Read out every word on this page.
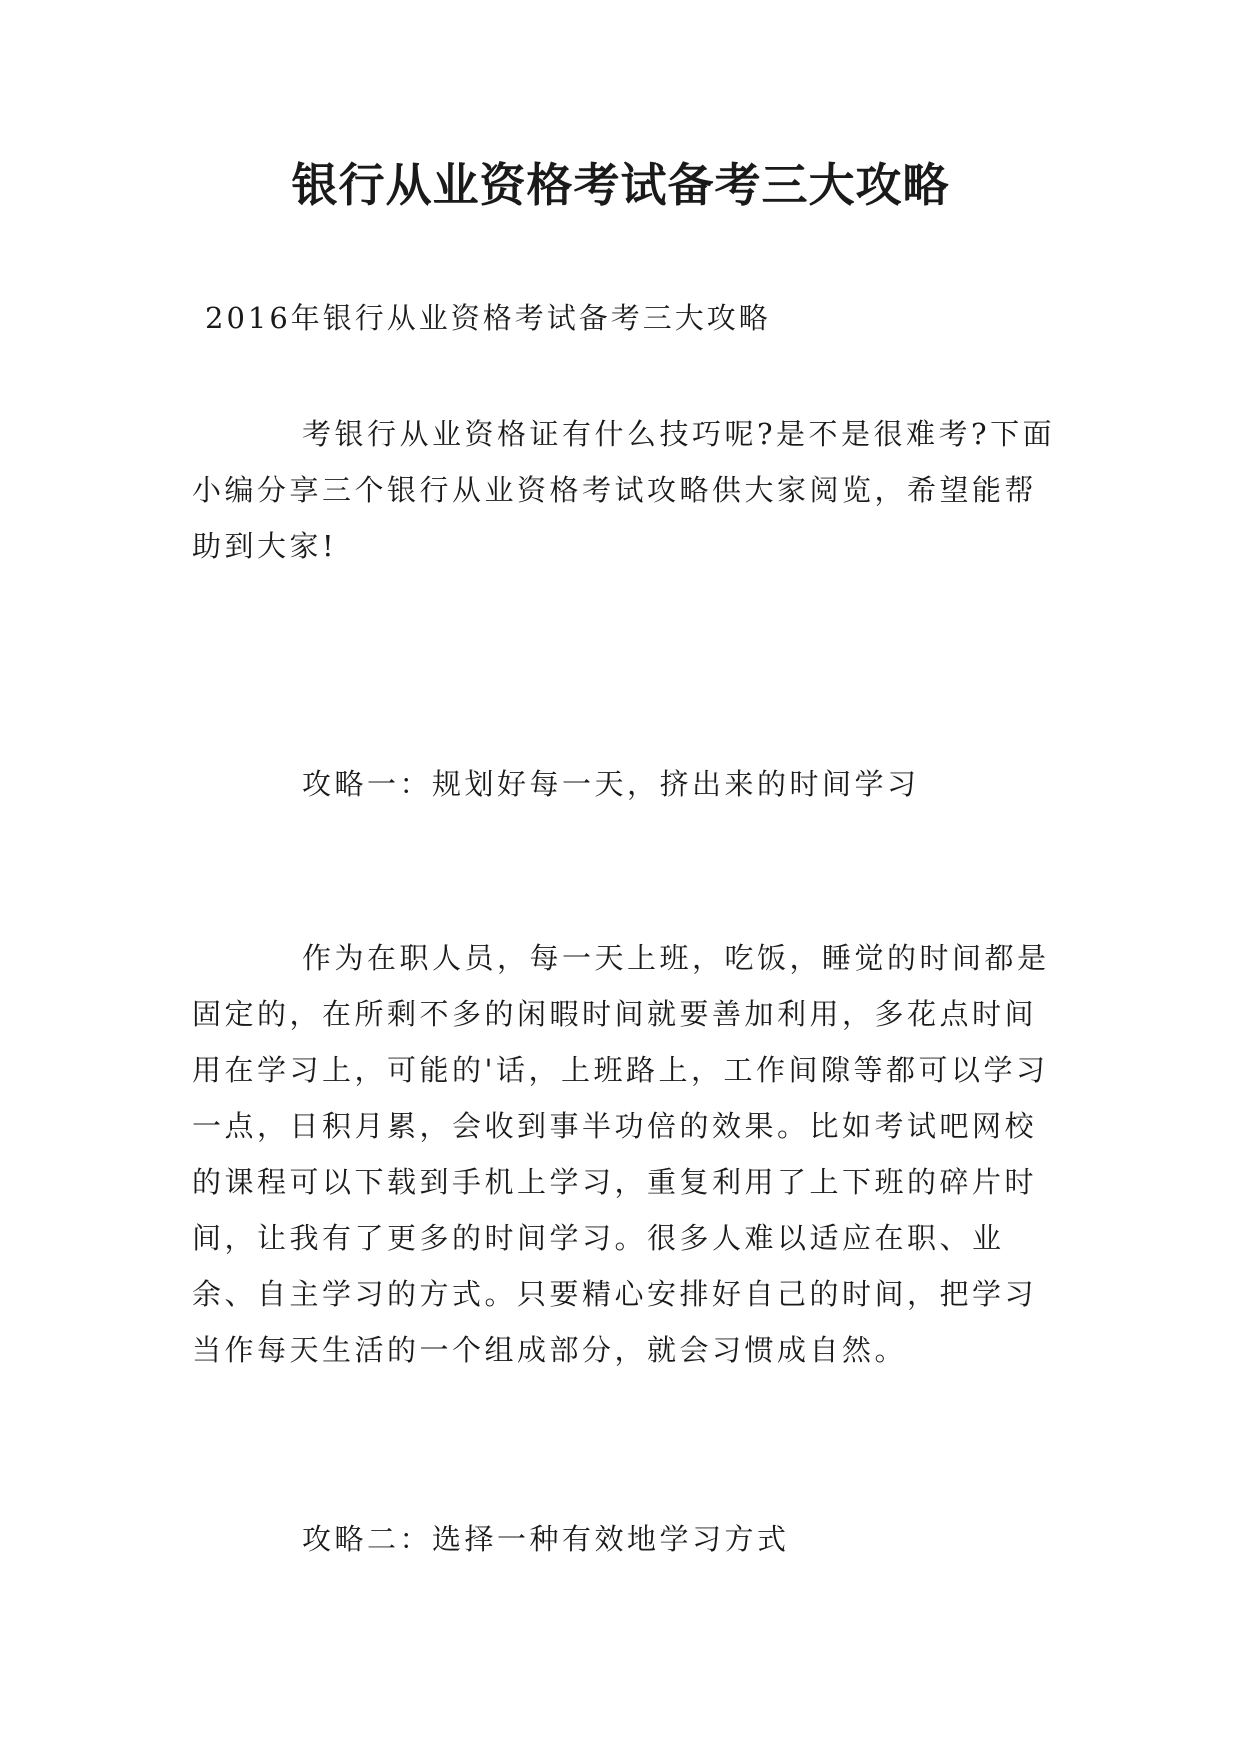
银行从业资格考试备考三大攻略

2016年银行从业资格考试备考三大攻略

考银行从业资格证有什么技巧呢?是不是很难考?下面小编分享三个银行从业资格考试攻略供大家阅览，希望能帮助到大家!

攻略一：规划好每一天，挤出来的时间学习

作为在职人员，每一天上班，吃饭，睡觉的时间都是固定的，在所剩不多的闲暇时间就要善加利用，多花点时间用在学习上，可能的'话，上班路上，工作间隙等都可以学习一点，日积月累，会收到事半功倍的效果。比如考试吧网校的课程可以下载到手机上学习，重复利用了上下班的碎片时间，让我有了更多的时间学习。很多人难以适应在职、业余、自主学习的方式。只要精心安排好自己的时间，把学习当作每天生活的一个组成部分，就会习惯成自然。

攻略二：选择一种有效地学习方式
